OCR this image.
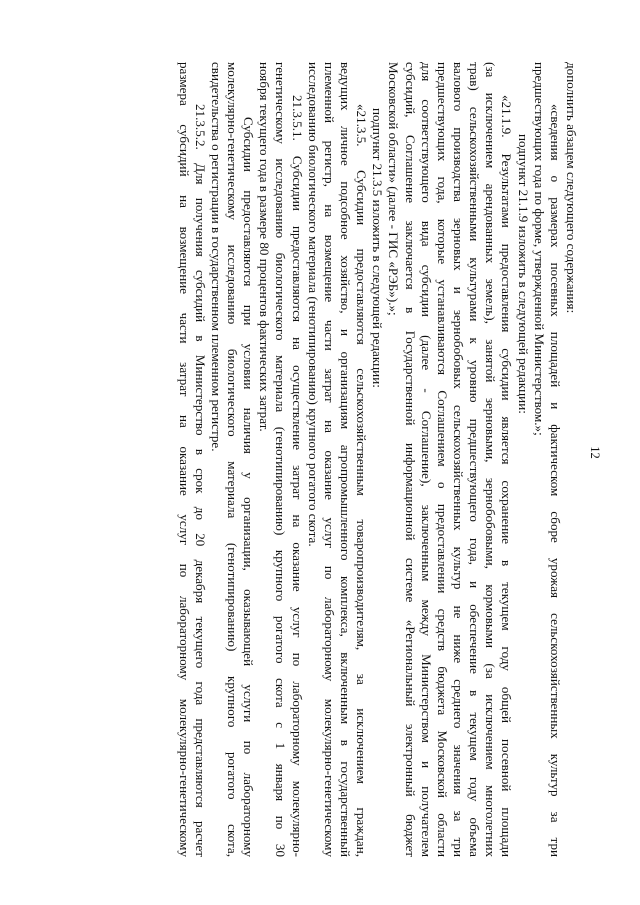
12
дополнить абзацем следующего содержания:
«сведения о размерах посевных площадей и фактическом сборе урожая сельскохозяйственных культур за три
предшествующих года по форме, утвержденной Министерством.»;
подпункт 21.1.9 изложить в следующей редакции:
«21.1.9. Результатами предоставления субсидии является сохранение в текущем году общей посевной площади
(за исключением арендованных земель), занятой зерновыми, зернобобовыми, кормовыми (за исключением многолетних
трав) сельскохозяйственными культурами к уровню предшествующего года, и обеспечение в текущем году объема
валового производства зерновых и зернобобовых сельскохозяйственных культур не ниже среднего значения за три
предшествующих года, которые устанавливаются Соглашением о предоставлении средств бюджета Московской области
для соответствующего вида субсидии (далее - Соглашение), заключенным между Министерством и получателем
субсидий, Соглашение заключается в Государственной информационной системе «Региональный электронный бюджет
Московской области» (далее - ГИС «РЭБ»).»;
подпункт 21.3.5 изложить в следующей редакции:
«21.3.5. Субсидии предоставляются сельскохозяйственным товаропроизводителям, за исключением граждан,
ведущих личное подсобное хозяйство, и организациям агропромышленного комплекса, включенным в государственный
племенной регистр, на возмещение части затрат на оказание услуг по лабораторному молекулярно-генетическому
исследованию биологического материала (генотипированию) крупного рогатого скота.
21.3.5.1. Субсидии предоставляются на осуществление затрат на оказание услуг по лабораторному молекулярно-
генетическому исследованию биологического материала (генотипированию) крупного рогатого скота с 1 января по 30
ноября текущего года в размере 80 процентов фактических затрат.
Субсидии предоставляются при условии наличия у организации, оказывающей услуги по лабораторному
молекулярно-генетическому исследованию биологического материала (генотипированию) крупного рогатого скота,
свидетельства о регистрации в государственном племенном регистре.
21.3.5.2. Для получения субсидий в Министерство в срок до 20 декабря текущего года представляются расчет
размера субсидий на возмещение части затрат на оказание услуг по лабораторному молекулярно-генетическому
